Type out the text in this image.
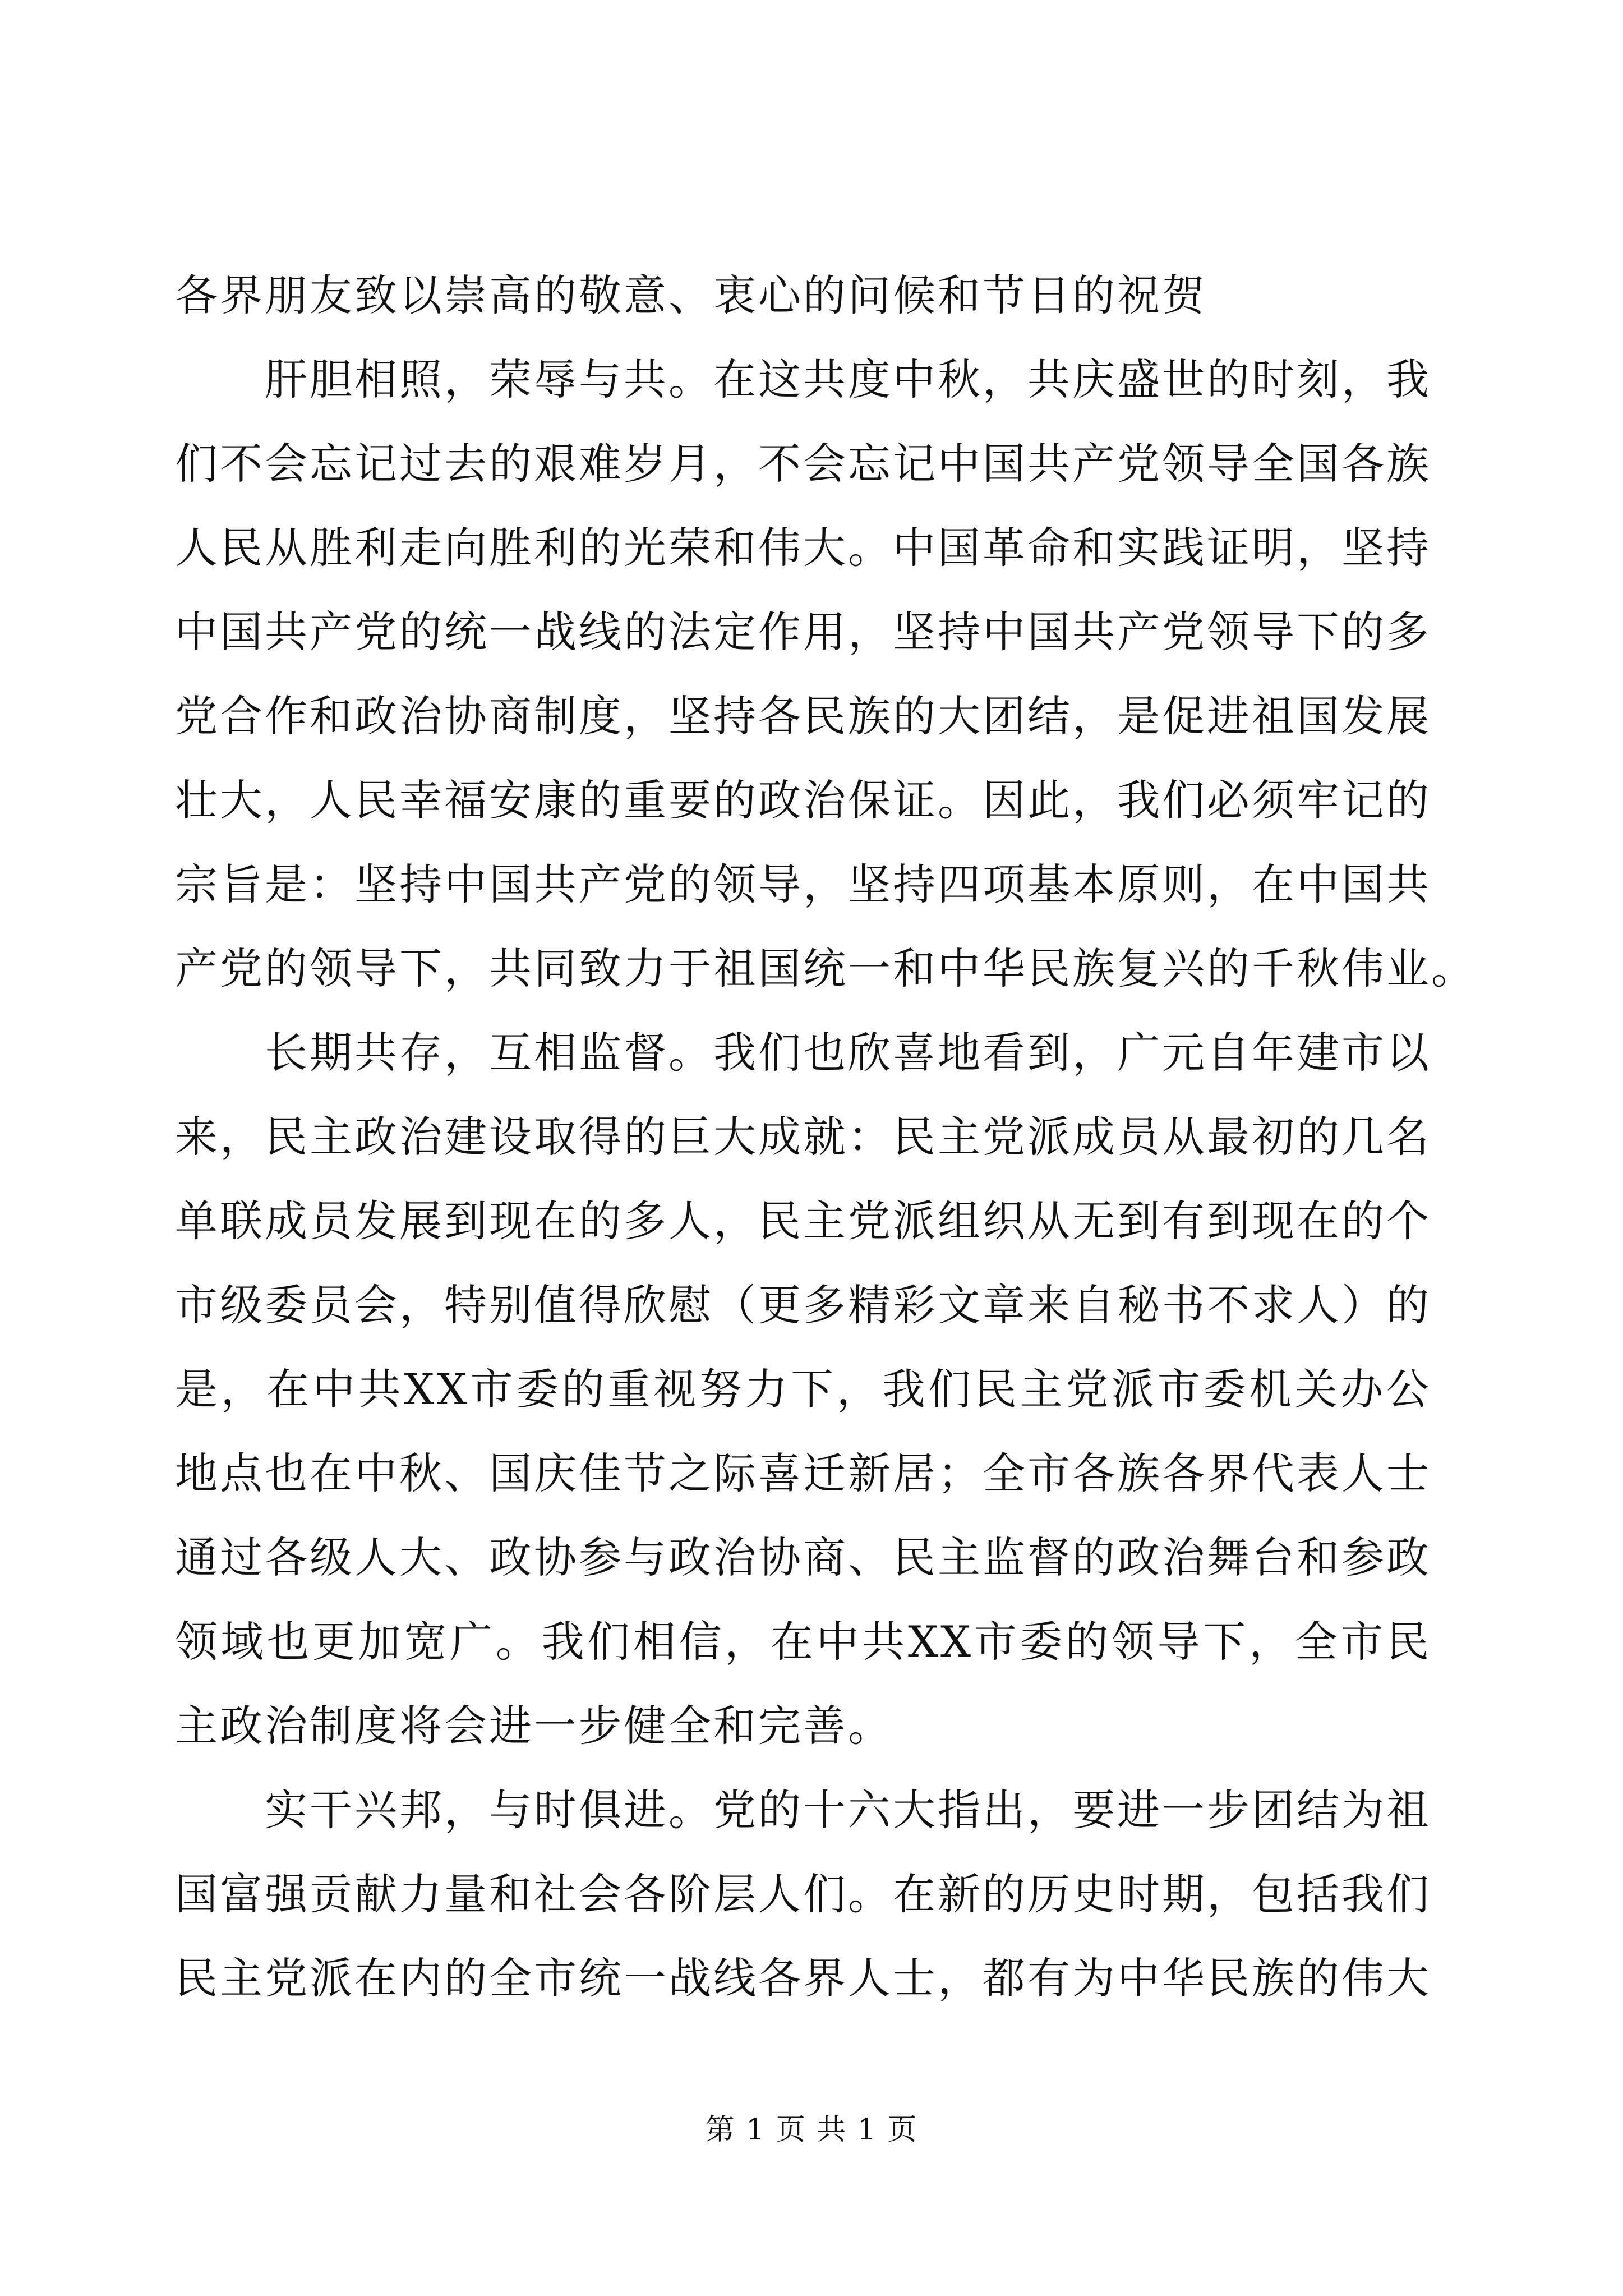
各界朋友致以崇高的敬意、衷心的问候和节日的祝贺
肝胆相照，荣辱与共。在这共度中秋，共庆盛世的时刻，我
们不会忘记过去的艰难岁月，不会忘记中国共产党领导全国各族
人民从胜利走向胜利的光荣和伟大。中国革命和实践证明，坚持
中国共产党的统一战线的法定作用，坚持中国共产党领导下的多
党合作和政治协商制度，坚持各民族的大团结，是促进祖国发展
壮大，人民幸福安康的重要的政治保证。因此，我们必须牢记的
宗旨是：坚持中国共产党的领导，坚持四项基本原则，在中国共
产党的领导下，共同致力于祖国统一和中华民族复兴的千秋伟业。
长期共存，互相监督。我们也欣喜地看到，广元自年建市以
来，民主政治建设取得的巨大成就：民主党派成员从最初的几名
单联成员发展到现在的多人，民主党派组织从无到有到现在的个
市级委员会，特别值得欣慰（更多精彩文章来自秘书不求人）的
是，在中共XX市委的重视努力下，我们民主党派市委机关办公
地点也在中秋、国庆佳节之际喜迁新居；全市各族各界代表人士
通过各级人大、政协参与政治协商、民主监督的政治舞台和参政
领域也更加宽广。我们相信，在中共XX市委的领导下，全市民
主政治制度将会进一步健全和完善。
实干兴邦，与时俱进。党的十六大指出，要进一步团结为祖
国富强贡献力量和社会各阶层人们。在新的历史时期，包括我们
民主党派在内的全市统一战线各界人士，都有为中华民族的伟大
第 1 页 共 1 页
